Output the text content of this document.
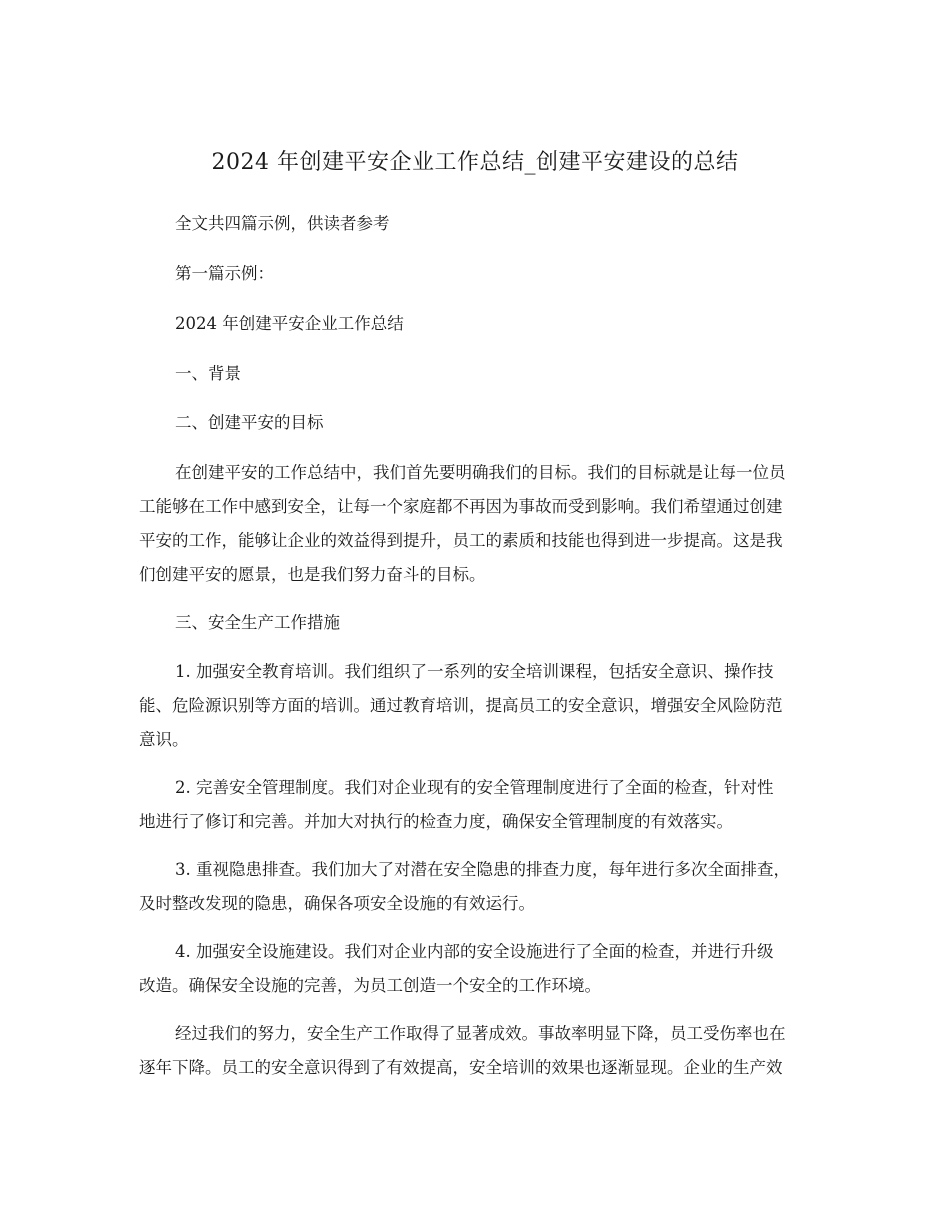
2024 年创建平安企业工作总结_创建平安建设的总结
全文共四篇示例，供读者参考
第一篇示例：
2024 年创建平安企业工作总结
一、背景
二、创建平安的目标
在创建平安的工作总结中，我们首先要明确我们的目标。我们的目标就是让每一位员
工能够在工作中感到安全，让每一个家庭都不再因为事故而受到影响。我们希望通过创建
平安的工作，能够让企业的效益得到提升，员工的素质和技能也得到进一步提高。这是我
们创建平安的愿景，也是我们努力奋斗的目标。
三、安全生产工作措施
1. 加强安全教育培训。我们组织了一系列的安全培训课程，包括安全意识、操作技
能、危险源识别等方面的培训。通过教育培训，提高员工的安全意识，增强安全风险防范
意识。
2. 完善安全管理制度。我们对企业现有的安全管理制度进行了全面的检查，针对性
地进行了修订和完善。并加大对执行的检查力度，确保安全管理制度的有效落实。
3. 重视隐患排查。我们加大了对潜在安全隐患的排查力度，每年进行多次全面排查，
及时整改发现的隐患，确保各项安全设施的有效运行。
4. 加强安全设施建设。我们对企业内部的安全设施进行了全面的检查，并进行升级
改造。确保安全设施的完善，为员工创造一个安全的工作环境。
经过我们的努力，安全生产工作取得了显著成效。事故率明显下降，员工受伤率也在
逐年下降。员工的安全意识得到了有效提高，安全培训的效果也逐渐显现。企业的生产效
